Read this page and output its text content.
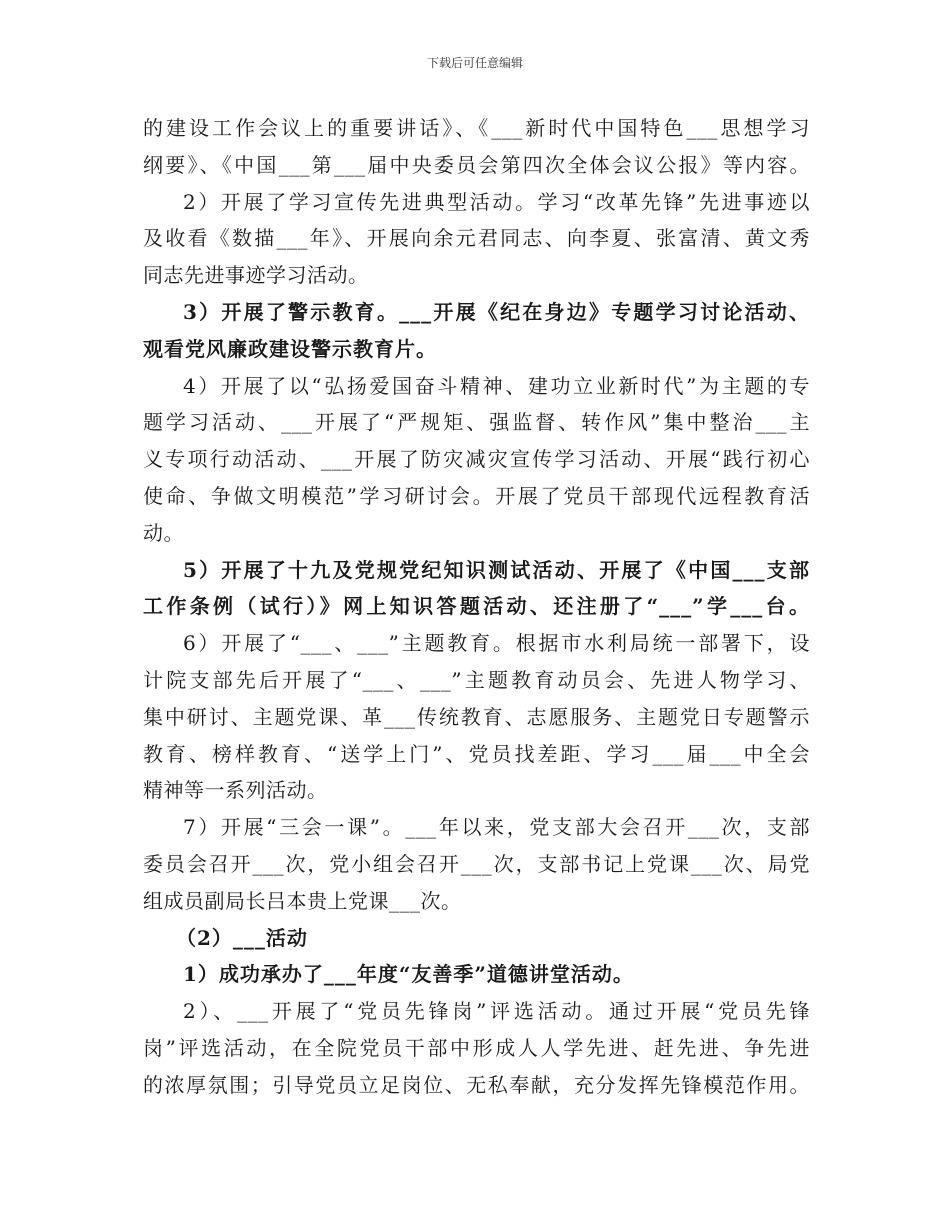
下载后可任意编辑
的建设工作会议上的重要讲话》、《___新时代中国特色___思想学习
纲要》、《中国___第___届中央委员会第四次全体会议公报》等内容。
2）开展了学习宣传先进典型活动。学习“改革先锋”先进事迹以
及收看《数描___年》、开展向余元君同志、向李夏、张富清、黄文秀
同志先进事迹学习活动。
3）开展了警示教育。___开展《纪在身边》专题学习讨论活动、
观看党风廉政建设警示教育片。
4）开展了以“弘扬爱国奋斗精神、建功立业新时代”为主题的专
题学习活动、___开展了“严规矩、强监督、转作风”集中整治___主
义专项行动活动、___开展了防灾减灾宣传学习活动、开展“践行初心
使命、争做文明模范”学习研讨会。开展了党员干部现代远程教育活
动。
5）开展了十九及党规党纪知识测试活动、开展了《中国___支部
工作条例（试行）》网上知识答题活动、还注册了“___”学___台。
6）开展了“___、___”主题教育。根据市水利局统一部署下，设
计院支部先后开展了“___、___”主题教育动员会、先进人物学习、
集中研讨、主题党课、革___传统教育、志愿服务、主题党日专题警示
教育、榜样教育、“送学上门”、党员找差距、学习___届___中全会
精神等一系列活动。
7）开展“三会一课”。___年以来，党支部大会召开___次，支部
委员会召开___次，党小组会召开___次，支部书记上党课___次、局党
组成员副局长吕本贵上党课___次。
（2）___活动
1）成功承办了___年度“友善季”道德讲堂活动。
2）、___开展了“党员先锋岗”评选活动。通过开展“党员先锋
岗”评选活动，在全院党员干部中形成人人学先进、赶先进、争先进
的浓厚氛围；引导党员立足岗位、无私奉献，充分发挥先锋模范作用。
